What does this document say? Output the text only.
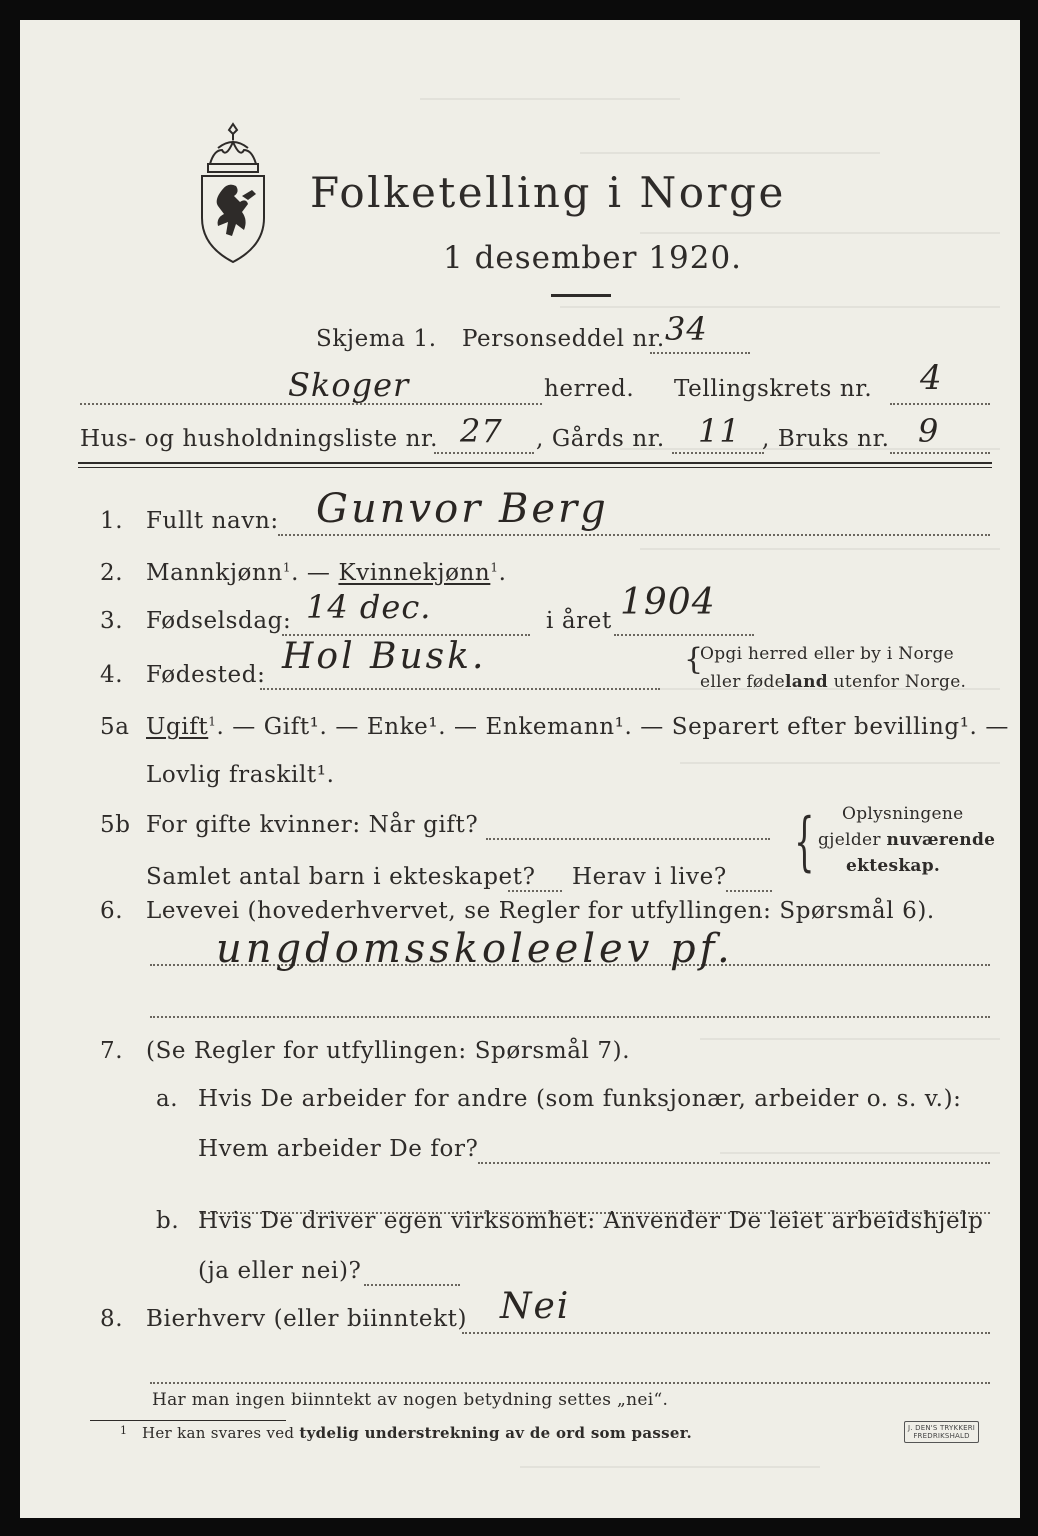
Folketelling i Norge
1 desember 1920.
Skjema 1. Personseddel nr. 34
Skoger	herred. Tellingskrets nr. 4
Hus- og husholdningsliste nr. 27 , Gårds nr. 11 , Bruks nr. 9
1. Fullt navn: Gunvor Berg
2. Mannkjønn$^1$. — Kvinnekjønn$^1$.
3. Fødselsdag: 14 dec.	i året 1904
4. Fødested: Hol Busk.	{
Opgi herred eller by i Norge
eller fødeland utenfor Norge.
5a Ugift$^1$. — Gift¹. — Enke¹. — Enkemann¹. — Separert efter bevilling¹. —
Lovlig fraskilt¹.
5b For gifte kvinner: Når gift?
Samlet antal barn i ekteskapet? Herav i live? { Oplysningene
gjelder nuværende
ekteskap.
6. Levevei (hovederhvervet, se Regler for utfyllingen: Spørsmål 6).
ungdomsskoleelev pf.
7. (Se Regler for utfyllingen: Spørsmål 7).
a. Hvis De arbeider for andre (som funksjonær, arbeider o. s. v.):
Hvem arbeider De for?
b. Hvis De driver egen virksomhet: Anvender De leiet arbeidshjelp
(ja eller nei)?
8. Bierhverv (eller biinntekt) Nei
Har man ingen biinntekt av nogen betydning settes „nei“.
1 Her kan svares ved tydelig understrekning av de ord som passer.	J. DEN'S TRYKKERI
FREDRIKSHALD
